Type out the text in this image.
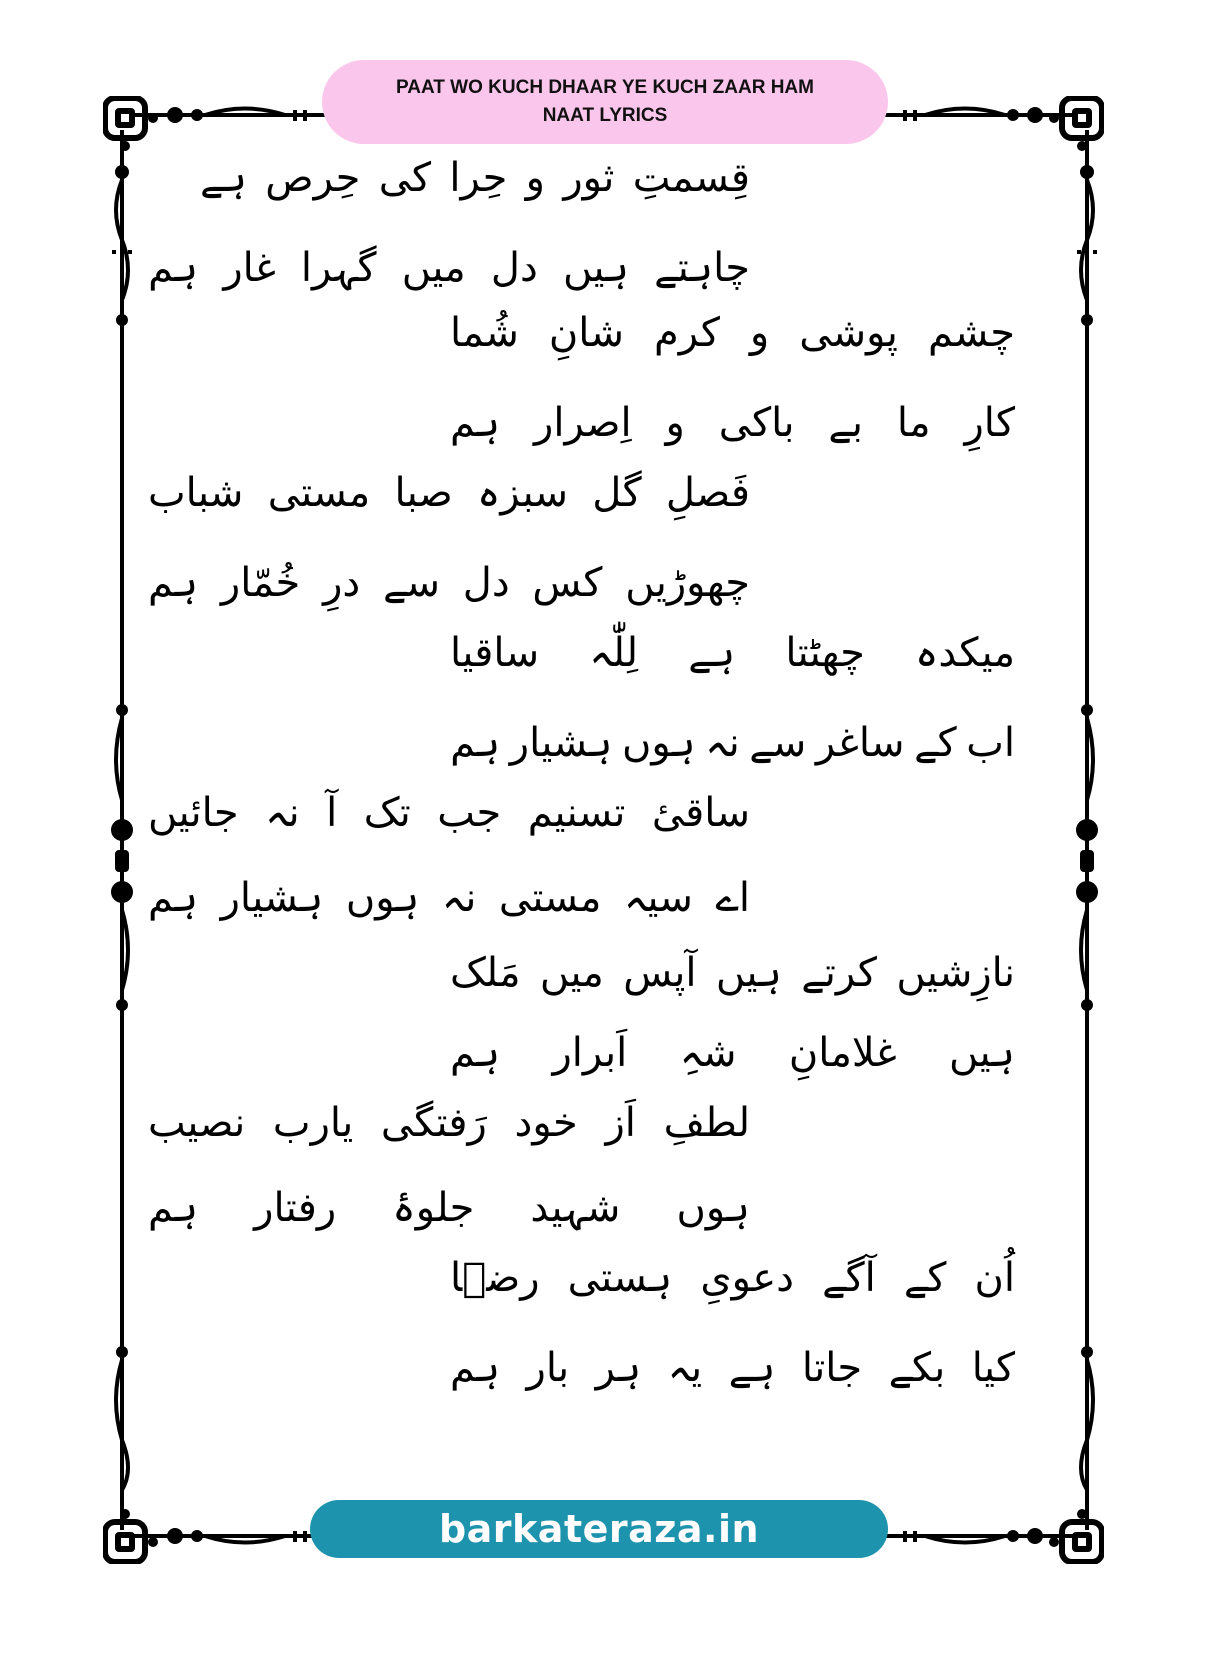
PAAT WO KUCH DHAAR YE KUCH ZAAR HAM
NAAT LYRICS
قِسمتِ
ثور
و
حِرا
کی
حِرص
ہے
چاہتے
ہیں
دل
میں
گہرا
غار
ہم
چشم
پوشی
و
کرم
شانِ
شُما
کارِ
ما
بے
باکی
و
اِصرار
ہم
فَصلِ
گل
سبزہ
صبا
مستی
شباب
چھوڑیں
کس
دل
سے
درِ
خُمّار
ہم
میکدہ
چھٹتا
ہے
لِلّٰہ
ساقیا
اب
کے
ساغر
سے
نہ
ہوں
ہشیار
ہم
ساقیٔ
تسنیم
جب
تک
آ
نہ
جائیں
اے
سیہ
مستی
نہ
ہوں
ہشیار
ہم
نازِشیں
کرتے
ہیں
آپس
میں
مَلک
ہیں
غلامانِ
شہِ
اَبرار
ہم
لطفِ
اَز
خود
رَفتگی
یارب
نصیب
ہوں
شہید
جلوۂ
رفتار
ہم
اُن
کے
آگے
دعویِ
ہستی
رضؔا
کیا
بکے
جاتا
ہے
یہ
ہر
بار
ہم
barkateraza.in
